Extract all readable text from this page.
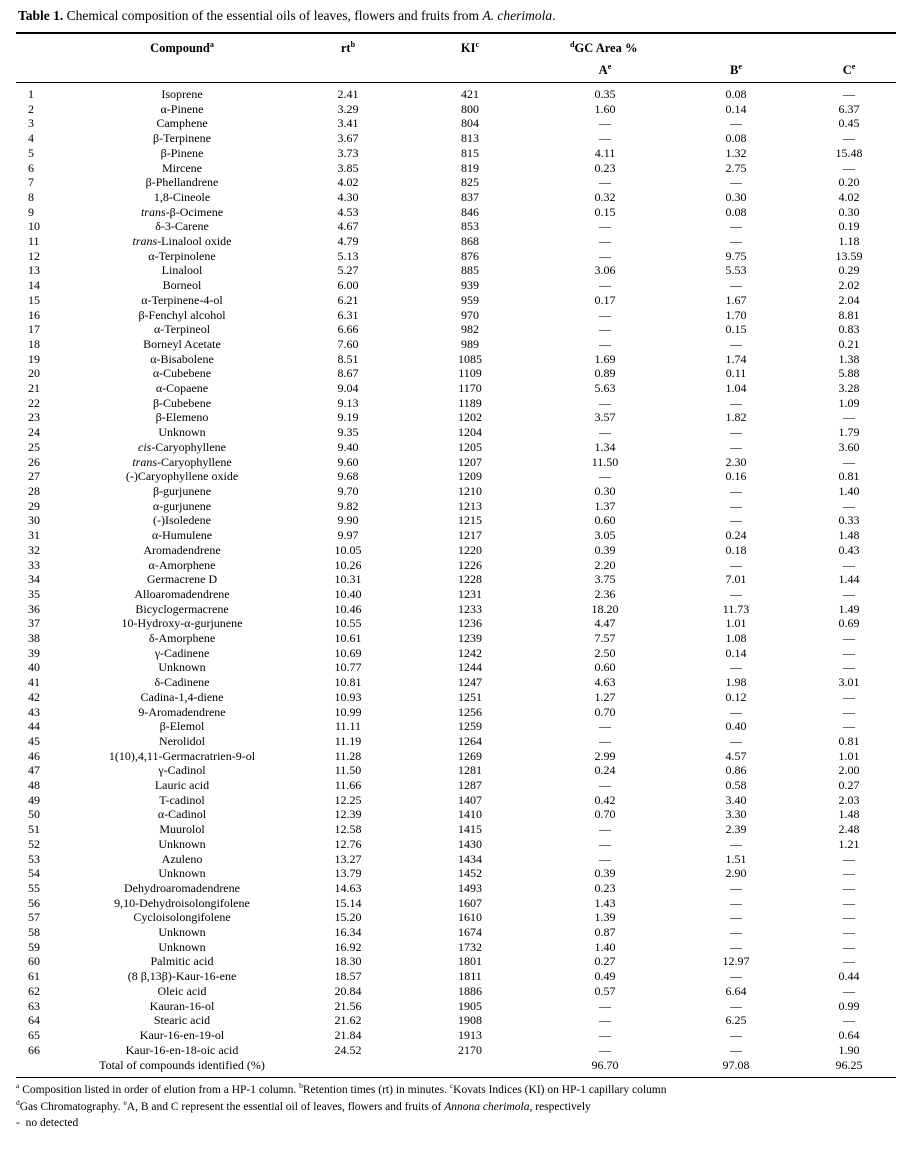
Table 1. Chemical composition of the essential oils of leaves, flowers and fruits from A. cherimola.
	Compound$^a$	$rt^b$	$KI^c$	$^d$GC Area %		
				$A^e$	$B^e$	Ce
1	Isoprene	2.41	421	0.35	0.08	—
2	α-Pinene	3.29	800	1.60	0.14	6.37
3	Camphene	3.41	804	—	—	0.45
4	β-Terpinene	3.67	813	—	0.08	—
5	β-Pinene	3.73	815	4.11	1.32	15.48
6	Mircene	3.85	819	0.23	2.75	—
7	β-Phellandrene	4.02	825	—	—	0.20
8	1,8-Cineole	4.30	837	0.32	0.30	4.02
9	trans-β-Ocimene	4.53	846	0.15	0.08	0.30
10	δ-3-Carene	4.67	853	—	—	0.19
11	trans-Linalool oxide	4.79	868	—	—	1.18
12	α-Terpinolene	5.13	876	—	9.75	13.59
13	Linalool	5.27	885	3.06	5.53	0.29
14	Borneol	6.00	939	—	—	2.02
15	α-Terpinene-4-ol	6.21	959	0.17	1.67	2.04
16	β-Fenchyl alcohol	6.31	970	—	1.70	8.81
17	α-Terpineol	6.66	982	—	0.15	0.83
18	Borneyl Acetate	7.60	989	—	—	0.21
19	α-Bisabolene	8.51	1085	1.69	1.74	1.38
20	α-Cubebene	8.67	1109	0.89	0.11	5.88
21	α-Copaene	9.04	1170	5.63	1.04	3.28
22	β-Cubebene	9.13	1189	—	—	1.09
23	β-Elemeno	9.19	1202	3.57	1.82	—
24	Unknown	9.35	1204	—	—	1.79
25	cis-Caryophyllene	9.40	1205	1.34	—	3.60
26	trans-Caryophyllene	9.60	1207	11.50	2.30	—
27	(-)Caryophyllene oxide	9.68	1209	—	0.16	0.81
28	β-gurjunene	9.70	1210	0.30	—	1.40
29	α-gurjunene	9.82	1213	1.37	—	—
30	(-)Isoledene	9.90	1215	0.60	—	0.33
31	α-Humulene	9.97	1217	3.05	0.24	1.48
32	Aromadendrene	10.05	1220	0.39	0.18	0.43
33	α-Amorphene	10.26	1226	2.20	—	—
34	Germacrene D	10.31	1228	3.75	7.01	1.44
35	Alloaromadendrene	10.40	1231	2.36	—	—
36	Bicyclogermacrene	10.46	1233	18.20	11.73	1.49
37	10-Hydroxy-α-gurjunene	10.55	1236	4.47	1.01	0.69
38	δ-Amorphene	10.61	1239	7.57	1.08	—
39	γ-Cadinene	10.69	1242	2.50	0.14	—
40	Unknown	10.77	1244	0.60	—	—
41	δ-Cadinene	10.81	1247	4.63	1.98	3.01
42	Cadina-1,4-diene	10.93	1251	1.27	0.12	—
43	9-Aromadendrene	10.99	1256	0.70	—	—
44	β-Elemol	11.11	1259	—	0.40	—
45	Nerolidol	11.19	1264	—	—	0.81
46	1(10),4,11-Germacratrien-9-ol	11.28	1269	2.99	4.57	1.01
47	γ-Cadinol	11.50	1281	0.24	0.86	2.00
48	Lauric acid	11.66	1287	—	0.58	0.27
49	T-cadinol	12.25	1407	0.42	3.40	2.03
50	α-Cadinol	12.39	1410	0.70	3.30	1.48
51	Muurolol	12.58	1415	—	2.39	2.48
52	Unknown	12.76	1430	—	—	1.21
53	Azuleno	13.27	1434	—	1.51	—
54	Unknown	13.79	1452	0.39	2.90	—
55	Dehydroaromadendrene	14.63	1493	0.23	—	—
56	9,10-Dehydroisolongifolene	15.14	1607	1.43	—	—
57	Cycloisolongifolene	15.20	1610	1.39	—	—
58	Unknown	16.34	1674	0.87	—	—
59	Unknown	16.92	1732	1.40	—	—
60	Palmitic acid	18.30	1801	0.27	12.97	—
61	(8 β,13β)-Kaur-16-ene	18.57	1811	0.49	—	0.44
62	Oleic acid	20.84	1886	0.57	6.64	—
63	Kauran-16-ol	21.56	1905	—	—	0.99
64	Stearic acid	21.62	1908	—	6.25	—
65	Kaur-16-en-19-ol	21.84	1913	—	—	0.64
66	Kaur-16-en-18-oic acid	24.52	2170	—	—	1.90
	Total of compounds identified (%)			96.70	97.08	96.25
$^a$ Composition listed in order of elution from a HP-1 column. $^b$Retention times (rt) in minutes. $^c$Kovats Indices (KI) on HP-1 capillary column
$^d$Gas Chromatography. $^e$A, B and C represent the essential oil of leaves, flowers and fruits of Annona cherimola, respectively
-  no detected
